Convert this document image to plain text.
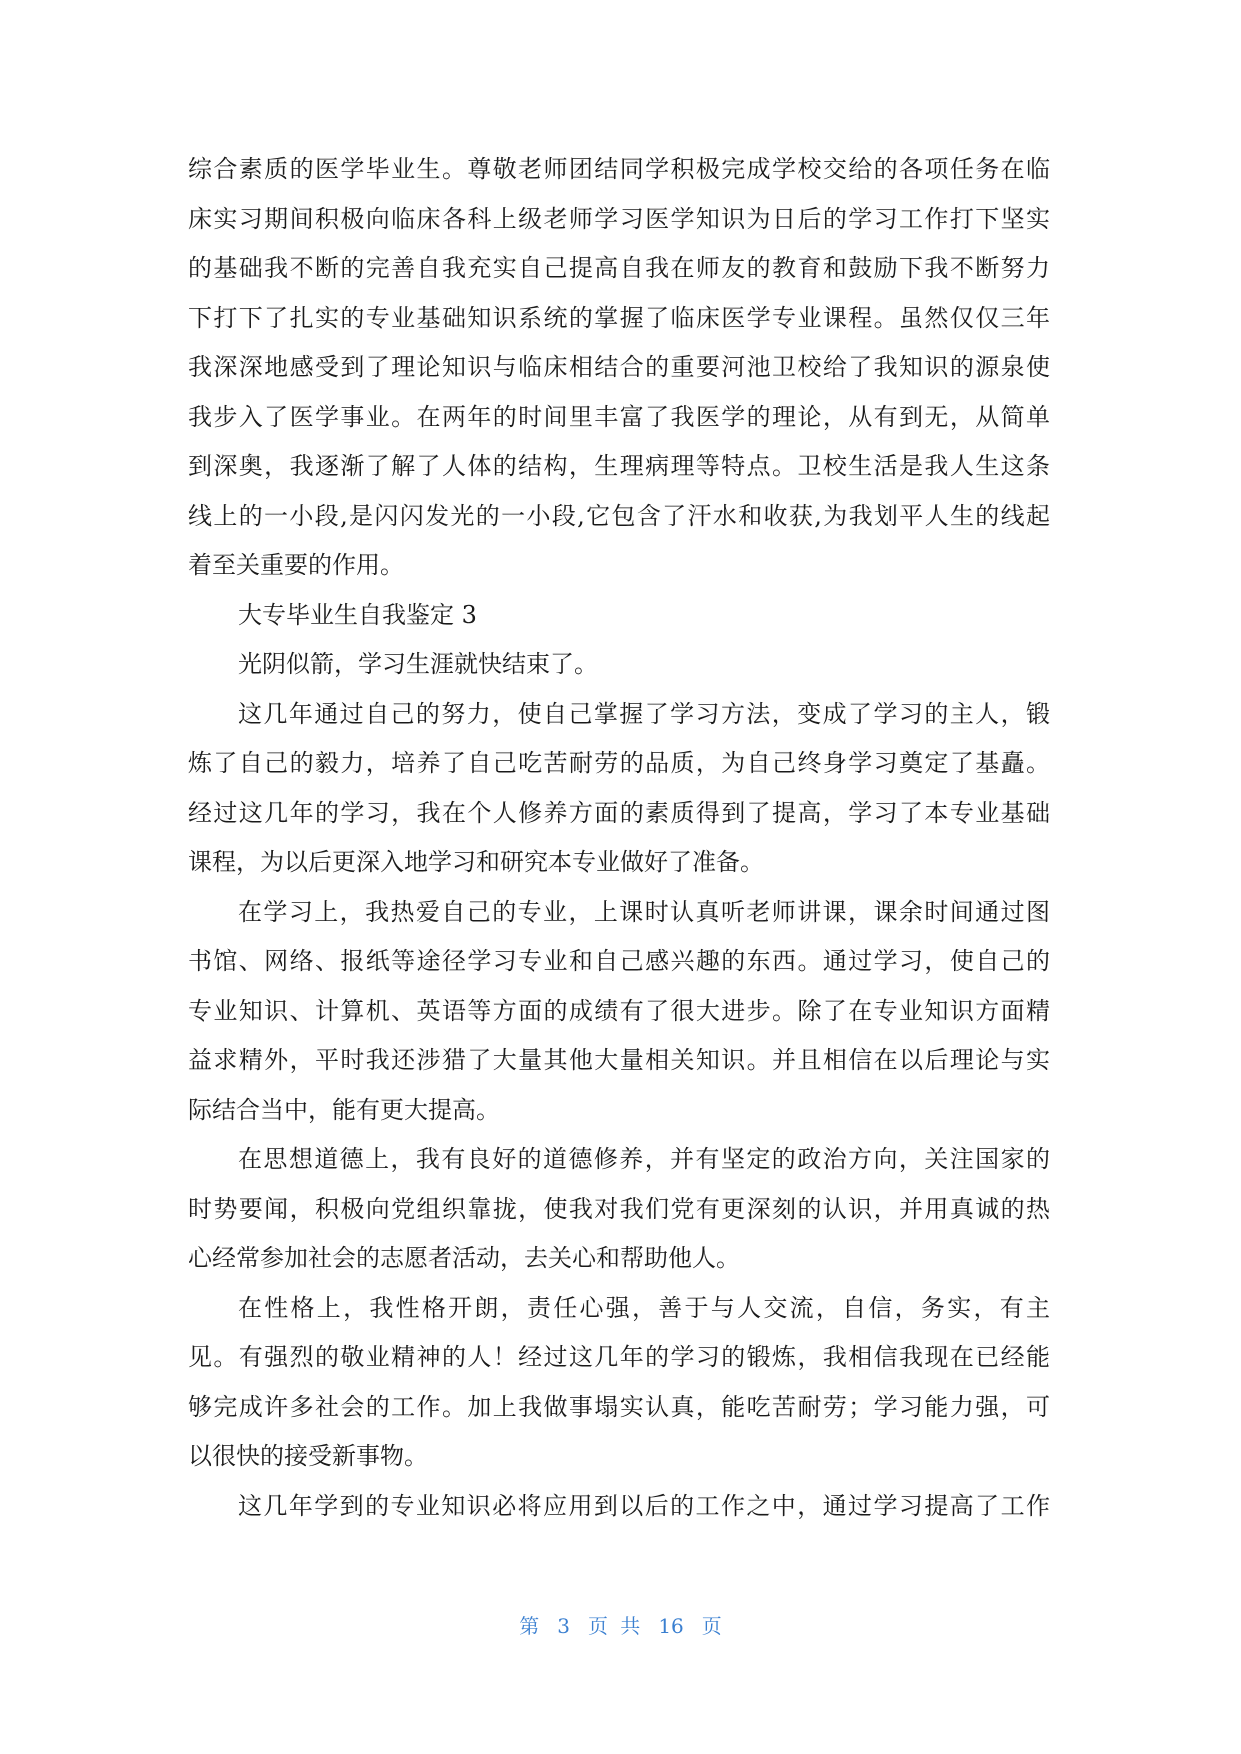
综合素质的医学毕业生。尊敬老师团结同学积极完成学校交给的各项任务在临
床实习期间积极向临床各科上级老师学习医学知识为日后的学习工作打下坚实
的基础我不断的完善自我充实自己提高自我在师友的教育和鼓励下我不断努力
下打下了扎实的专业基础知识系统的掌握了临床医学专业课程。虽然仅仅三年
我深深地感受到了理论知识与临床相结合的重要河池卫校给了我知识的源泉使
我步入了医学事业。在两年的时间里丰富了我医学的理论，从有到无，从简单
到深奥，我逐渐了解了人体的结构，生理病理等特点。卫校生活是我人生这条
线上的一小段,是闪闪发光的一小段,它包含了汗水和收获,为我划平人生的线起
着至关重要的作用。
大专毕业生自我鉴定 3
光阴似箭，学习生涯就快结束了。
这几年通过自己的努力，使自己掌握了学习方法，变成了学习的主人，锻
炼了自己的毅力，培养了自己吃苦耐劳的品质，为自己终身学习奠定了基矗。
经过这几年的学习，我在个人修养方面的素质得到了提高，学习了本专业基础
课程，为以后更深入地学习和研究本专业做好了准备。
在学习上，我热爱自己的专业，上课时认真听老师讲课，课余时间通过图
书馆、网络、报纸等途径学习专业和自己感兴趣的东西。通过学习，使自己的
专业知识、计算机、英语等方面的成绩有了很大进步。除了在专业知识方面精
益求精外，平时我还涉猎了大量其他大量相关知识。并且相信在以后理论与实
际结合当中，能有更大提高。
在思想道德上，我有良好的道德修养，并有坚定的政治方向，关注国家的
时势要闻，积极向党组织靠拢，使我对我们党有更深刻的认识，并用真诚的热
心经常参加社会的志愿者活动，去关心和帮助他人。
在性格上，我性格开朗，责任心强，善于与人交流，自信，务实，有主
见。有强烈的敬业精神的人！经过这几年的学习的锻炼，我相信我现在已经能
够完成许多社会的工作。加上我做事塌实认真，能吃苦耐劳；学习能力强，可
以很快的接受新事物。
这几年学到的专业知识必将应用到以后的工作之中，通过学习提高了工作
第 3 页 共 16 页
